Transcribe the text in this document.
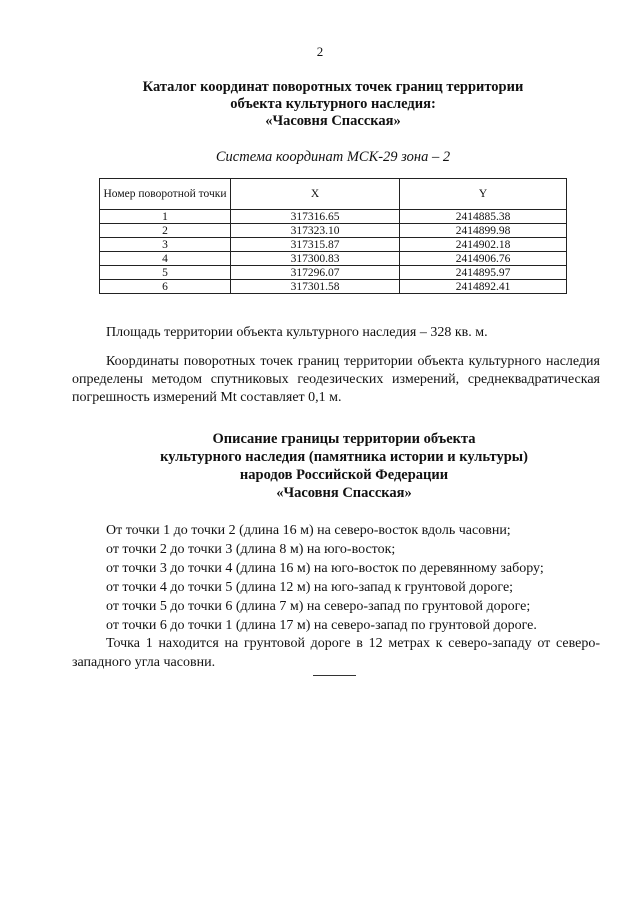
2
Каталог координат поворотных точек границ территории
объекта культурного наследия:
«Часовня Спасская»
Система координат МСК-29 зона – 2
Номер поворотной точки	X	Y
1	317316.65	2414885.38
2	317323.10	2414899.98
3	317315.87	2414902.18
4	317300.83	2414906.76
5	317296.07	2414895.97
6	317301.58	2414892.41
Площадь территории объекта культурного наследия – 328 кв. м.
Координаты поворотных точек границ территории объекта культурного наследия определены методом спутниковых геодезических измерений, среднеквадратическая погрешность измерений Mt составляет 0,1 м.
Описание границы территории объекта
культурного наследия (памятника истории и культуры)
народов Российской Федерации
«Часовня Спасская»
От точки 1 до точки 2 (длина 16 м) на северо-восток вдоль часовни;
от точки 2 до точки 3 (длина 8 м) на юго-восток;
от точки 3 до точки 4 (длина 16 м) на юго-восток по деревянному забору;
от точки 4 до точки 5 (длина 12 м) на юго-запад к грунтовой дороге;
от точки 5 до точки 6 (длина 7 м) на северо-запад по грунтовой дороге;
от точки 6 до точки 1 (длина 17 м) на северо-запад по грунтовой дороге.
Точка 1 находится на грунтовой дороге в 12 метрах к северо-западу от северо-западного угла часовни.
